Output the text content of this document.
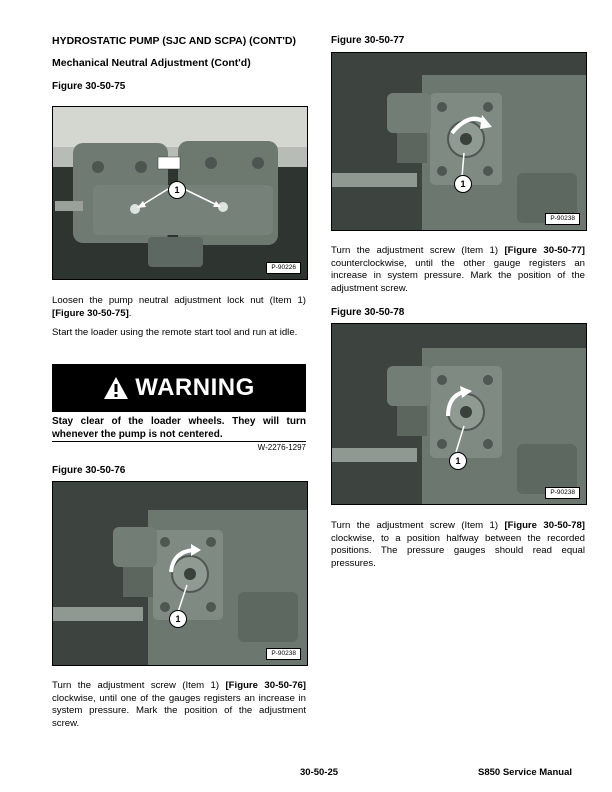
HYDROSTATIC PUMP (SJC AND SCPA) (CONT'D)
Mechanical Neutral Adjustment (Cont'd)
Figure 30-50-75
1
P-90226
Loosen the pump neutral adjustment lock nut (Item 1) [Figure 30-50-75].
Start the loader using the remote start tool and run at idle.
WARNING
Stay clear of the loader wheels. They will turn whenever the pump is not centered.
W-2276-1297
Figure 30-50-76
1
P-90238
Turn the adjustment screw (Item 1) [Figure 30-50-76] clockwise, until one of the gauges registers an increase in system pressure. Mark the position of the adjustment screw.
Figure 30-50-77
1
P-90238
Turn the adjustment screw (Item 1) [Figure 30-50-77] counterclockwise, until the other gauge registers an increase in system pressure. Mark the position of the adjustment screw.
Figure 30-50-78
1
P-90238
Turn the adjustment screw (Item 1) [Figure 30-50-78] clockwise, to a position halfway between the recorded positions. The pressure gauges should read equal pressures.
30-50-25	S850 Service Manual
